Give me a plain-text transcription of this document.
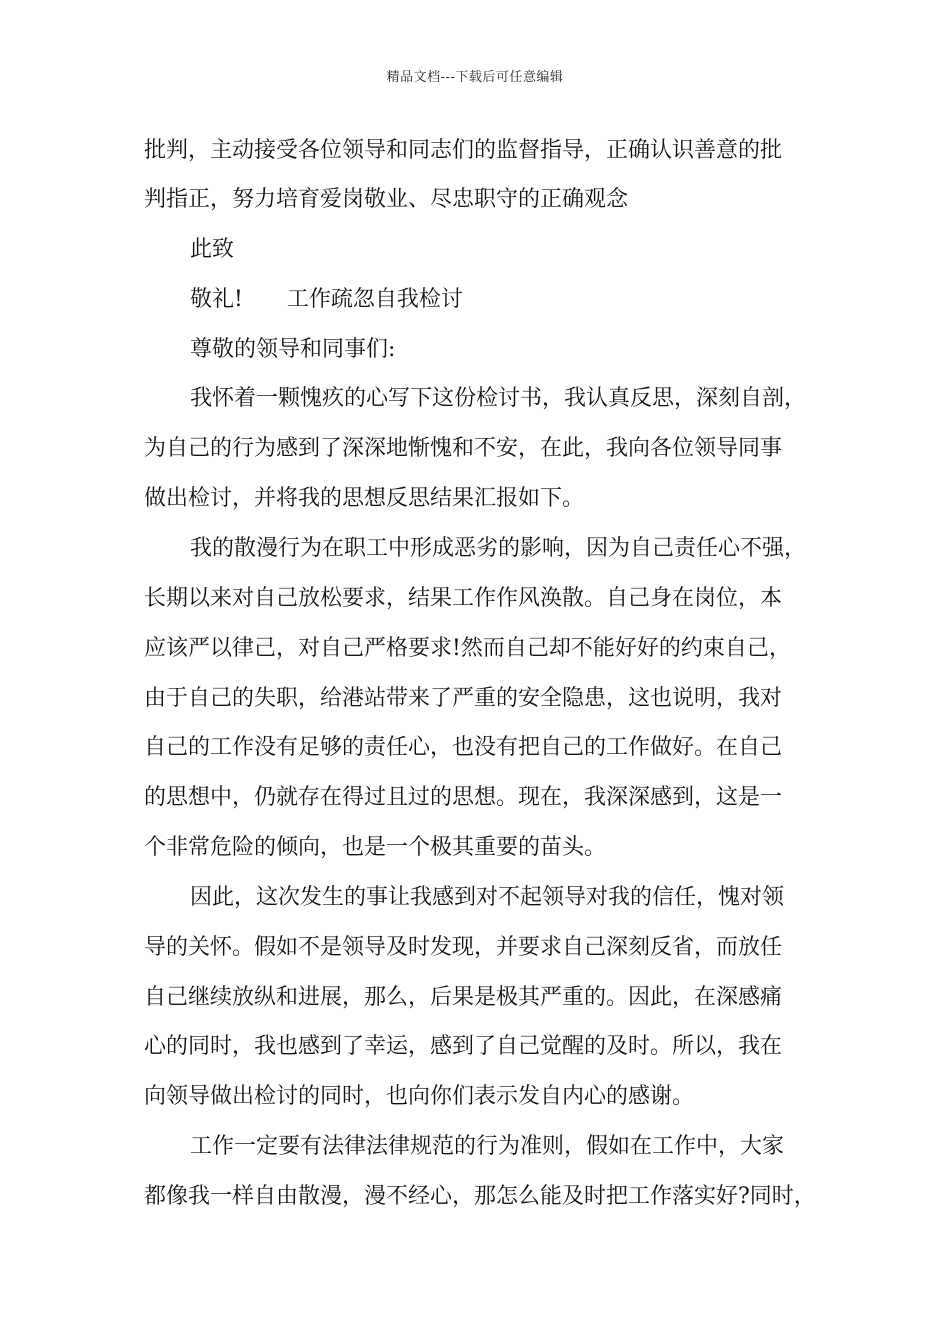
精品文档---下载后可任意编辑
批判，主动接受各位领导和同志们的监督指导，正确认识善意的批
判指正，努力培育爱岗敬业、尽忠职守的正确观念
此致
敬礼!　　工作疏忽自我检讨
尊敬的领导和同事们:
我怀着一颗愧疚的心写下这份检讨书，我认真反思，深刻自剖，
为自己的行为感到了深深地惭愧和不安，在此，我向各位领导同事
做出检讨，并将我的思想反思结果汇报如下。
我的散漫行为在职工中形成恶劣的影响，因为自己责任心不强，
长期以来对自己放松要求，结果工作作风涣散。自己身在岗位，本
应该严以律己，对自己严格要求!然而自己却不能好好的约束自己，
由于自己的失职，给港站带来了严重的安全隐患，这也说明，我对
自己的工作没有足够的责任心，也没有把自己的工作做好。在自己
的思想中，仍就存在得过且过的思想。现在，我深深感到，这是一
个非常危险的倾向，也是一个极其重要的苗头。
因此，这次发生的事让我感到对不起领导对我的信任，愧对领
导的关怀。假如不是领导及时发现，并要求自己深刻反省，而放任
自己继续放纵和进展，那么，后果是极其严重的。因此，在深感痛
心的同时，我也感到了幸运，感到了自己觉醒的及时。所以，我在
向领导做出检讨的同时，也向你们表示发自内心的感谢。
工作一定要有法律法律规范的行为准则，假如在工作中，大家
都像我一样自由散漫，漫不经心，那怎么能及时把工作落实好?同时，
